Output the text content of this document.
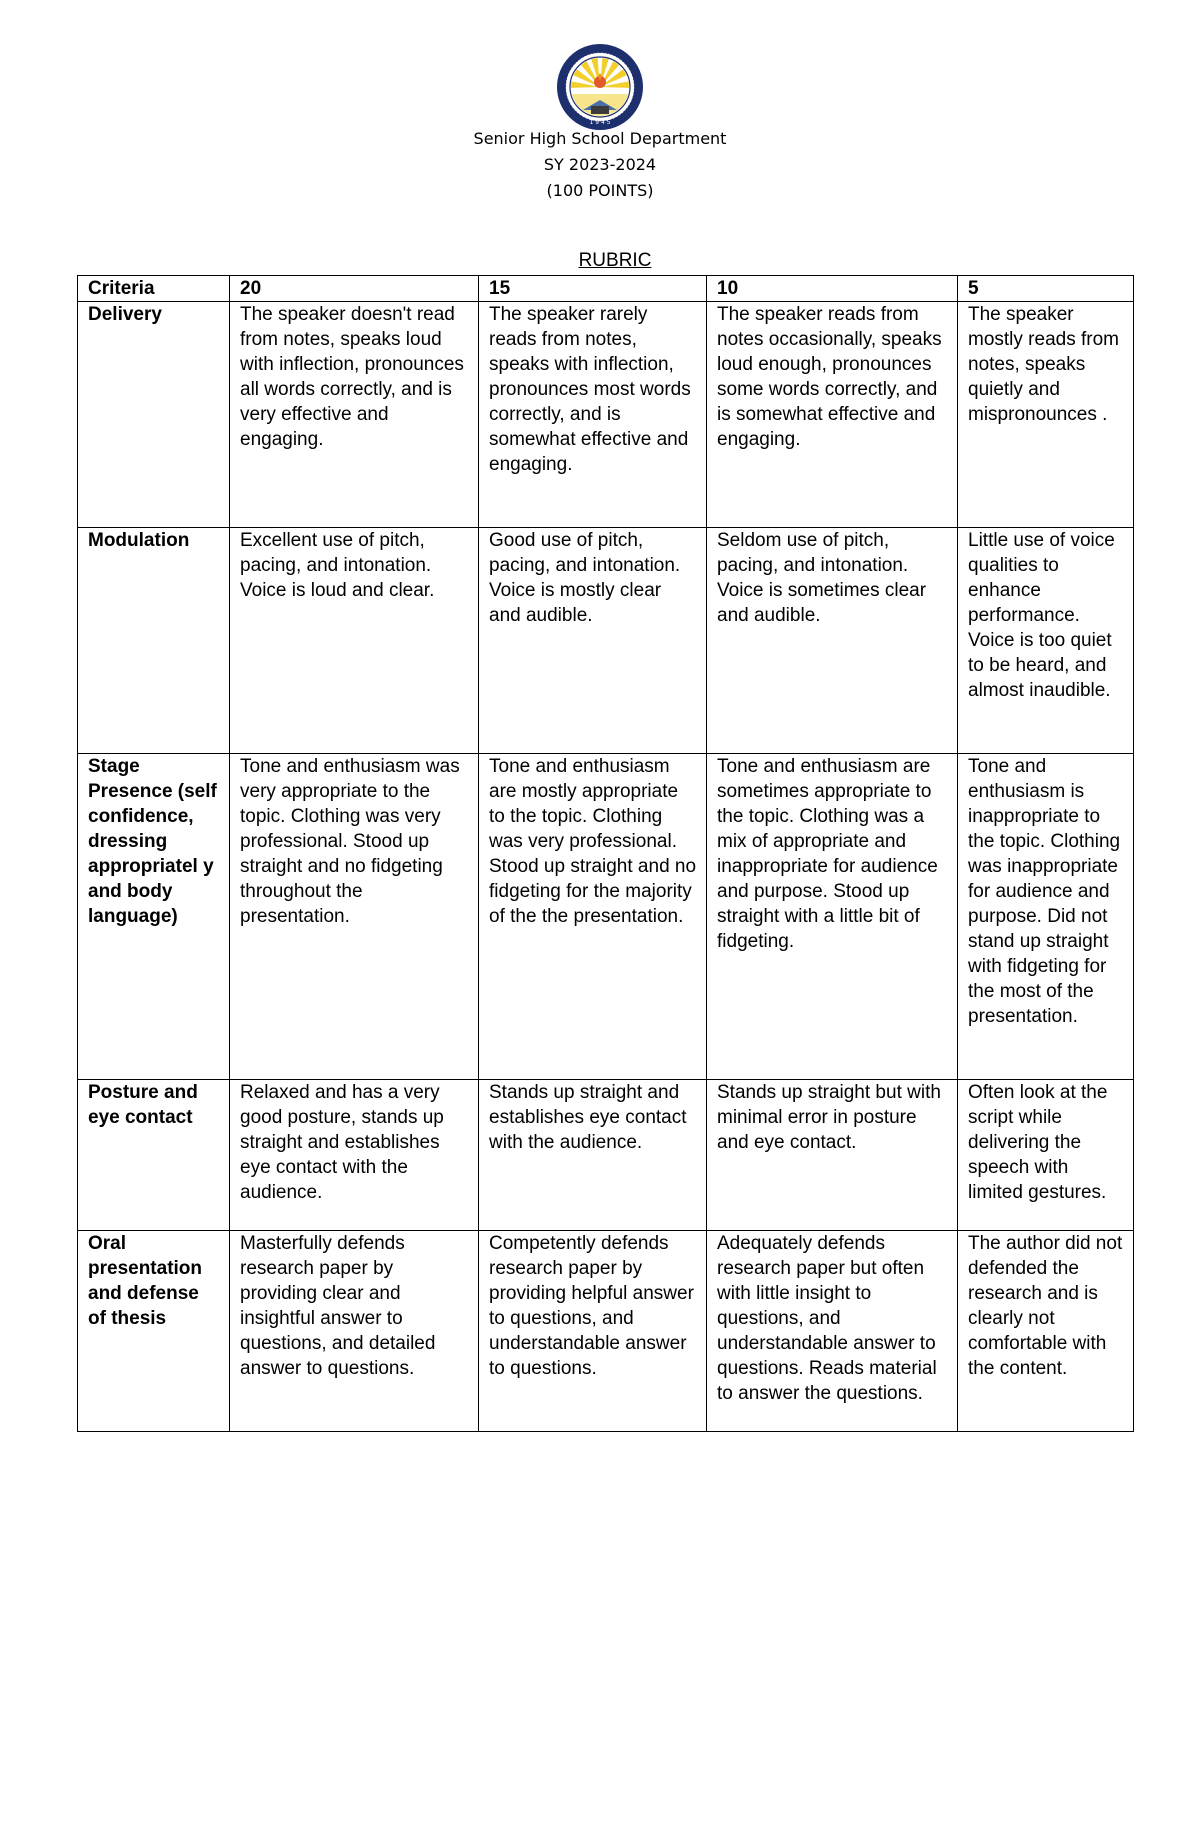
1 9 4 5
Senior High School Department
SY 2023-2024
(100 POINTS)
RUBRIC
Criteria	20	15	10	5
Delivery	The speaker doesn't read from notes, speaks loud with inflection, pronounces all words correctly, and is very effective and engaging.	The speaker rarely reads from notes, speaks with inflection, pronounces most words correctly, and is somewhat effective and engaging.	The speaker reads from notes occasionally, speaks loud enough, pronounces some words correctly, and is somewhat effective and engaging.	The speaker mostly reads from notes, speaks quietly and mispronounces .
Modulation	Excellent use of pitch, pacing, and intonation. Voice is loud and clear.	Good use of pitch, pacing, and intonation. Voice is mostly clear and audible.	Seldom use of pitch, pacing, and intonation. Voice is sometimes clear and audible.	Little use of voice qualities to enhance performance. Voice is too quiet to be heard, and almost inaudible.
Stage Presence (self confidence, dressing appropriatel y and body language)	Tone and enthusiasm was very appropriate to the topic. Clothing was very professional. Stood up straight and no fidgeting throughout the presentation.	Tone and enthusiasm are mostly appropriate to the topic. Clothing was very professional. Stood up straight and no fidgeting for the majority of the the presentation.	Tone and enthusiasm are sometimes appropriate to the topic. Clothing was a mix of appropriate and inappropriate for audience and purpose. Stood up straight with a little bit of fidgeting.	Tone and enthusiasm is inappropriate to the topic. Clothing was inappropriate for audience and purpose. Did not stand up straight with fidgeting for the most of the presentation.
Posture and eye contact	Relaxed and has a very good posture, stands up straight and establishes eye contact with the audience.	Stands up straight and establishes eye contact with the audience.	Stands up straight but with minimal error in posture and eye contact.	Often look at the script while delivering the speech with limited gestures.
Oral presentation and defense of thesis	Masterfully defends research paper by providing clear and insightful answer to questions, and detailed answer to questions.	Competently defends research paper by providing helpful answer to questions, and understandable answer to questions.	Adequately defends research paper but often with little insight to questions, and understandable answer to questions. Reads material to answer the questions.	The author did not defended the research and is clearly not comfortable with the content.
